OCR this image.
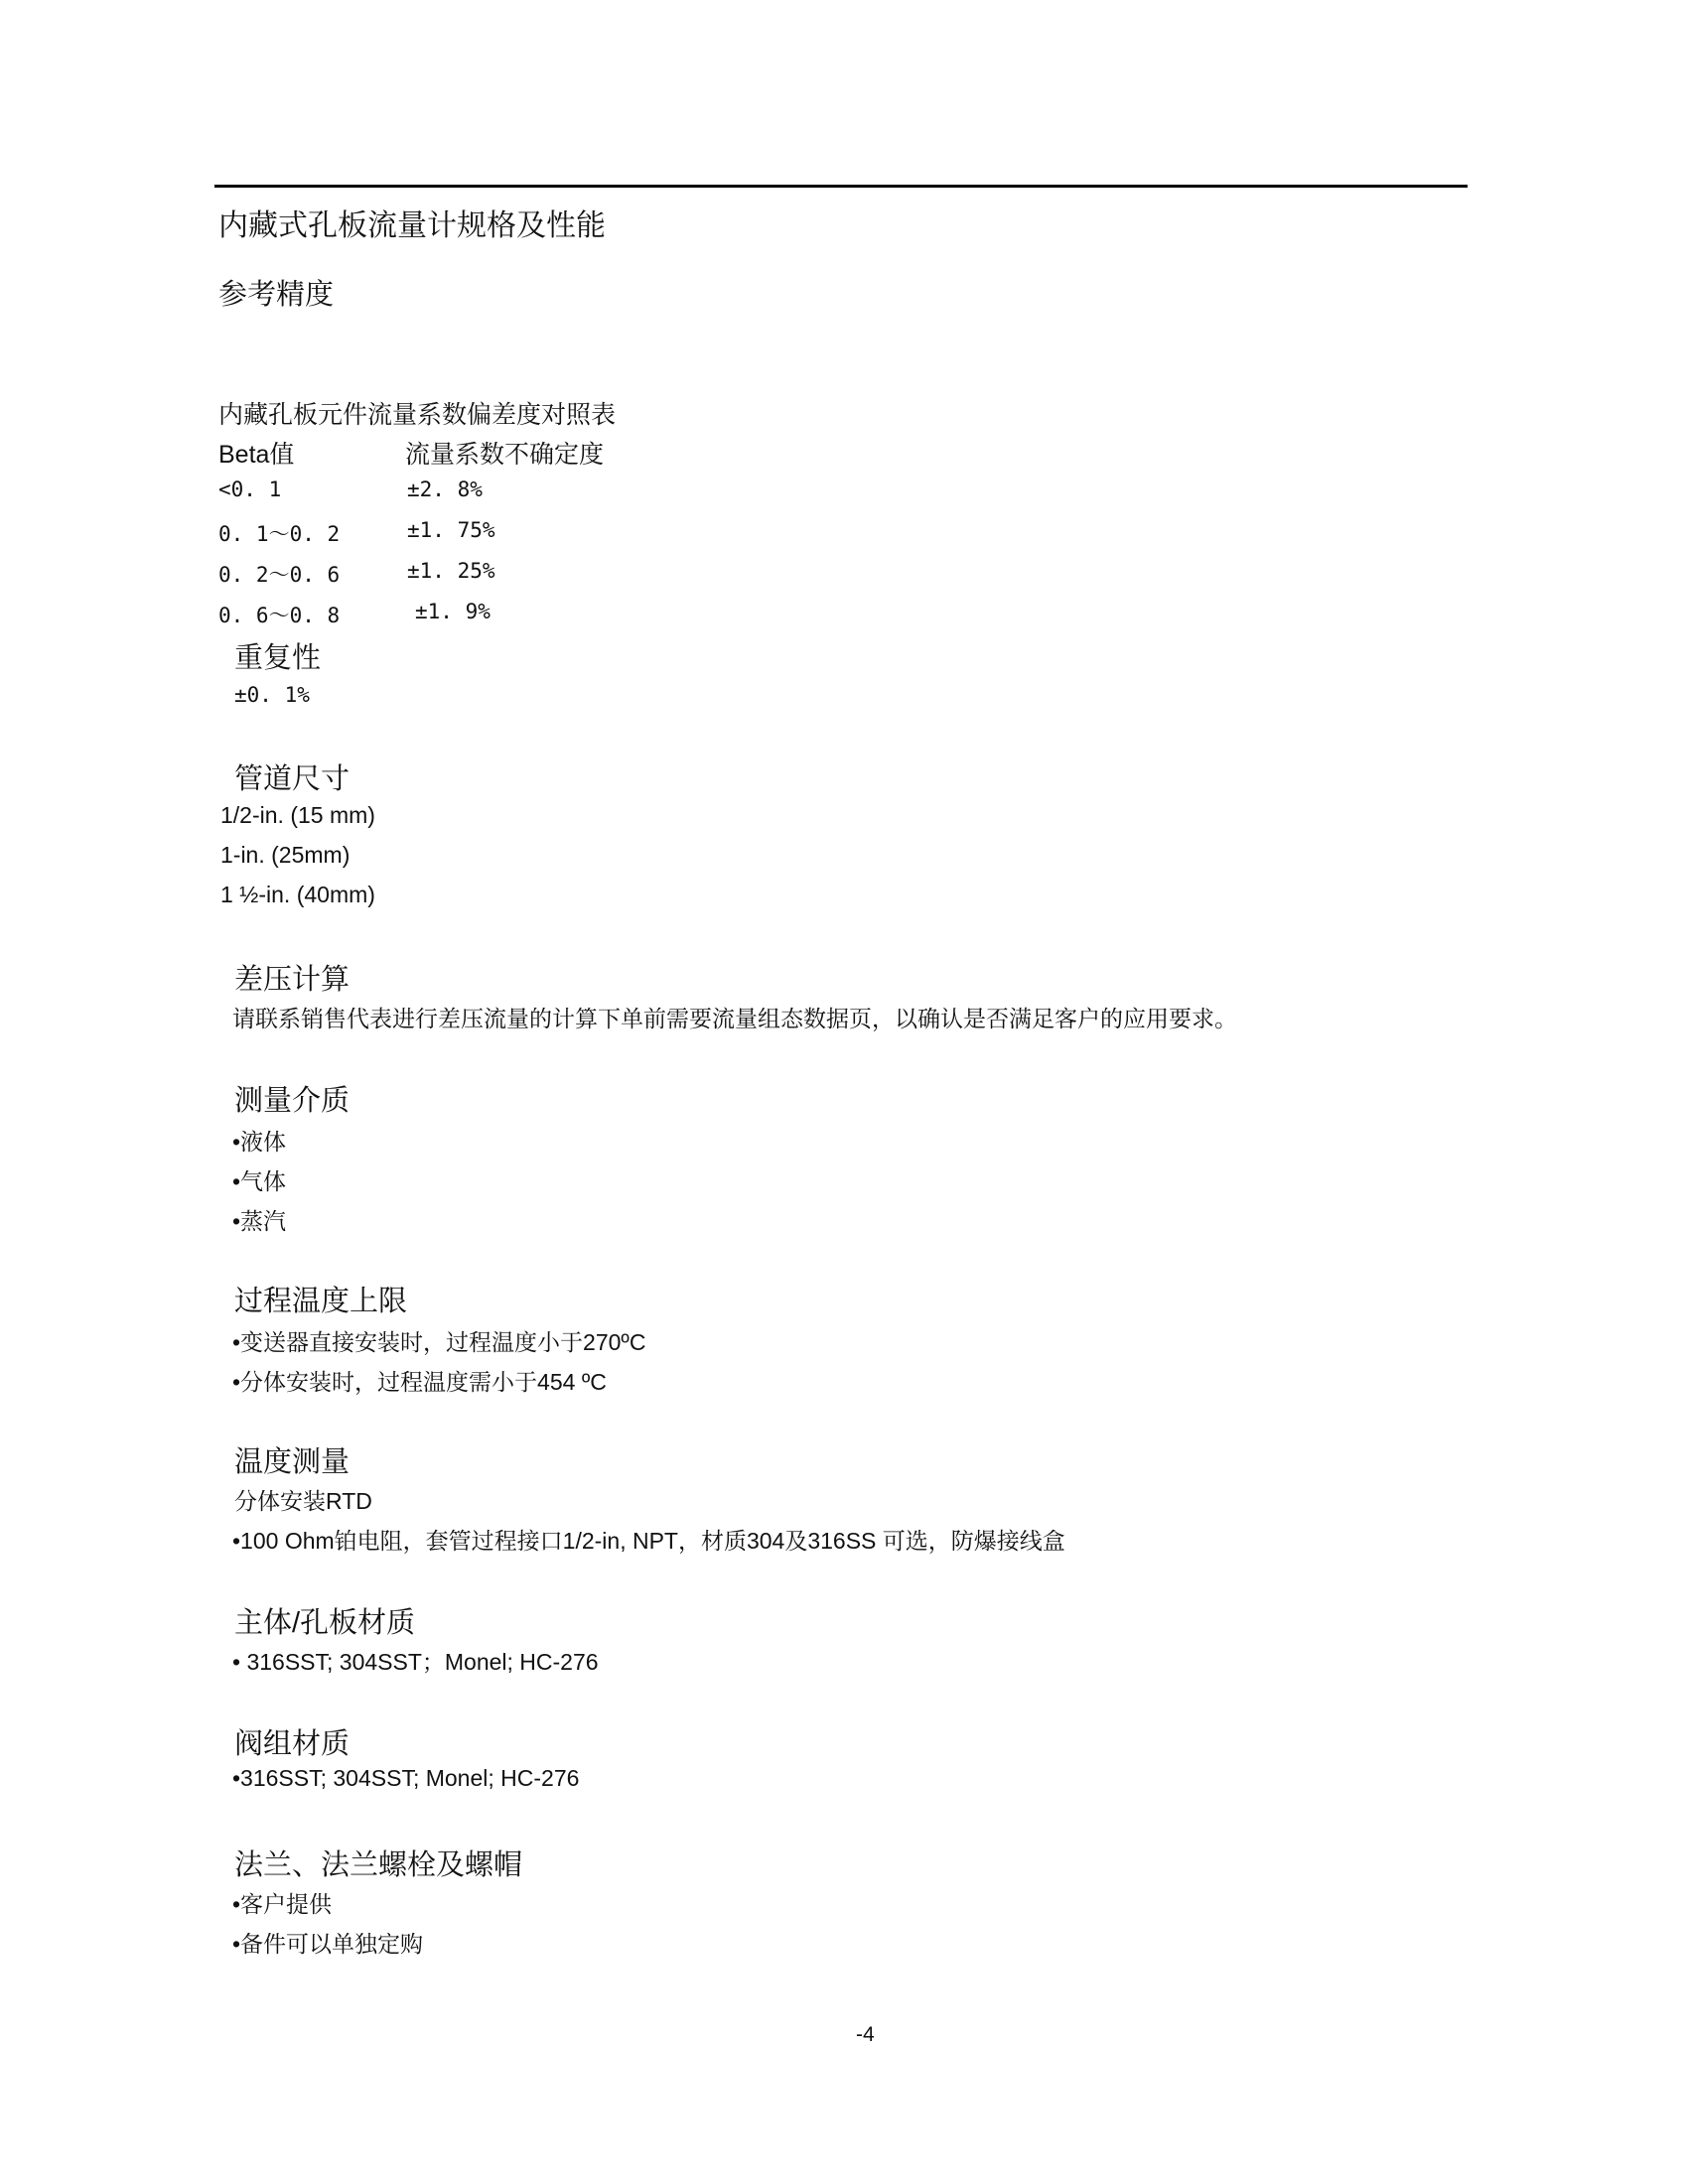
内藏式孔板流量计规格及性能
参考精度
内藏孔板元件流量系数偏差度对照表
Beta值	流量系数不确定度
<0. 1	±2. 8%
0. 1～0. 2	±1. 75%
0. 2～0. 6	±1. 25%
0. 6～0. 8	±1. 9%
重复性
±0. 1%
管道尺寸
1/2-in. (15 mm)
1-in. (25mm)
1 ½-in. (40mm)
差压计算
请联系销售代表进行差压流量的计算下单前需要流量组态数据页，以确认是否满足客户的应用要求。
测量介质
•液体
•气体
•蒸汽
过程温度上限
•变送器直接安装时，过程温度小于270ºC
•分体安装时，过程温度需小于454 ºC
温度测量
分体安装RTD
•100 Ohm铂电阻，套管过程接口1/2-in, NPT，材质304及316SS 可选，防爆接线盒
主体/孔板材质
• 316SST; 304SST；Monel; HC-276
阀组材质
•316SST; 304SST; Monel; HC-276
法兰、法兰螺栓及螺帽
•客户提供
•备件可以单独定购
-4
